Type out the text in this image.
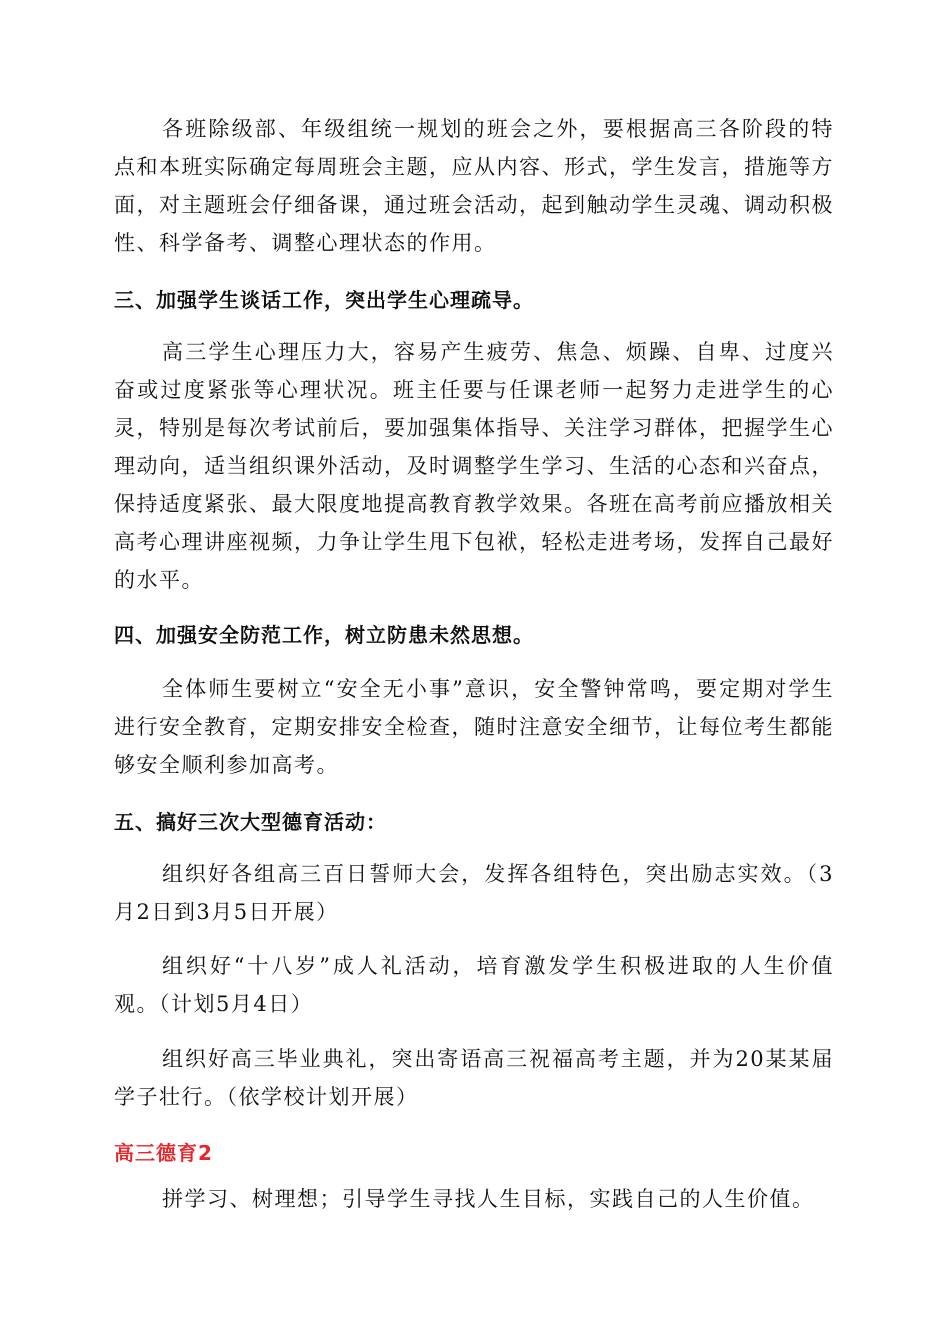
各班除级部、年级组统一规划的班会之外，要根据高三各阶段的特点和本班实际确定每周班会主题，应从内容、形式，学生发言，措施等方面，对主题班会仔细备课，通过班会活动，起到触动学生灵魂、调动积极性、科学备考、调整心理状态的作用。

三、加强学生谈话工作，突出学生心理疏导。

高三学生心理压力大，容易产生疲劳、焦急、烦躁、自卑、过度兴奋或过度紧张等心理状况。班主任要与任课老师一起努力走进学生的心灵，特别是每次考试前后，要加强集体指导、关注学习群体，把握学生心理动向，适当组织课外活动，及时调整学生学习、生活的心态和兴奋点，保持适度紧张、最大限度地提高教育教学效果。各班在高考前应播放相关高考心理讲座视频，力争让学生甩下包袱，轻松走进考场，发挥自己最好的水平。

四、加强安全防范工作，树立防患未然思想。

全体师生要树立“安全无小事”意识，安全警钟常鸣，要定期对学生进行安全教育，定期安排安全检查，随时注意安全细节，让每位考生都能够安全顺利参加高考。

五、搞好三次大型德育活动：

组织好各组高三百日誓师大会，发挥各组特色，突出励志实效。（3月2日到3月5日开展）

组织好“十八岁”成人礼活动，培育激发学生积极进取的人生价值观。（计划5月4日）

组织好高三毕业典礼，突出寄语高三祝福高考主题，并为20某某届学子壮行。（依学校计划开展）

高三德育2

拼学习、树理想；引导学生寻找人生目标，实践自己的人生价值。
